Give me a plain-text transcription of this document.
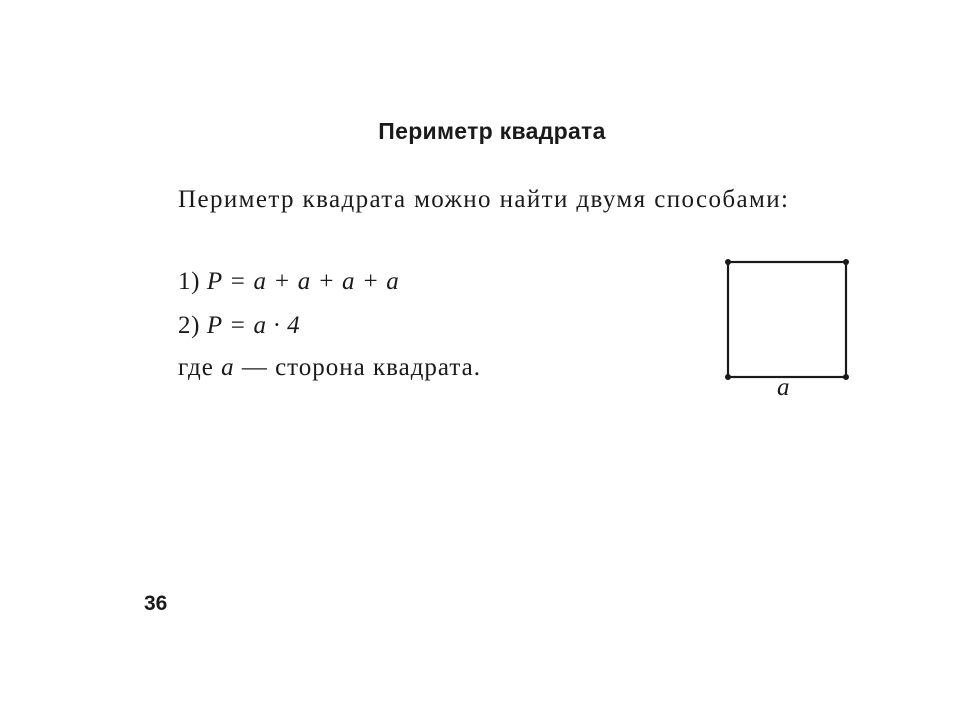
Периметр квадрата
Периметр квадрата можно найти двумя способами:
1) P = a + a + a + a
2) P = a · 4
где a — сторона квадрата.
a
36
